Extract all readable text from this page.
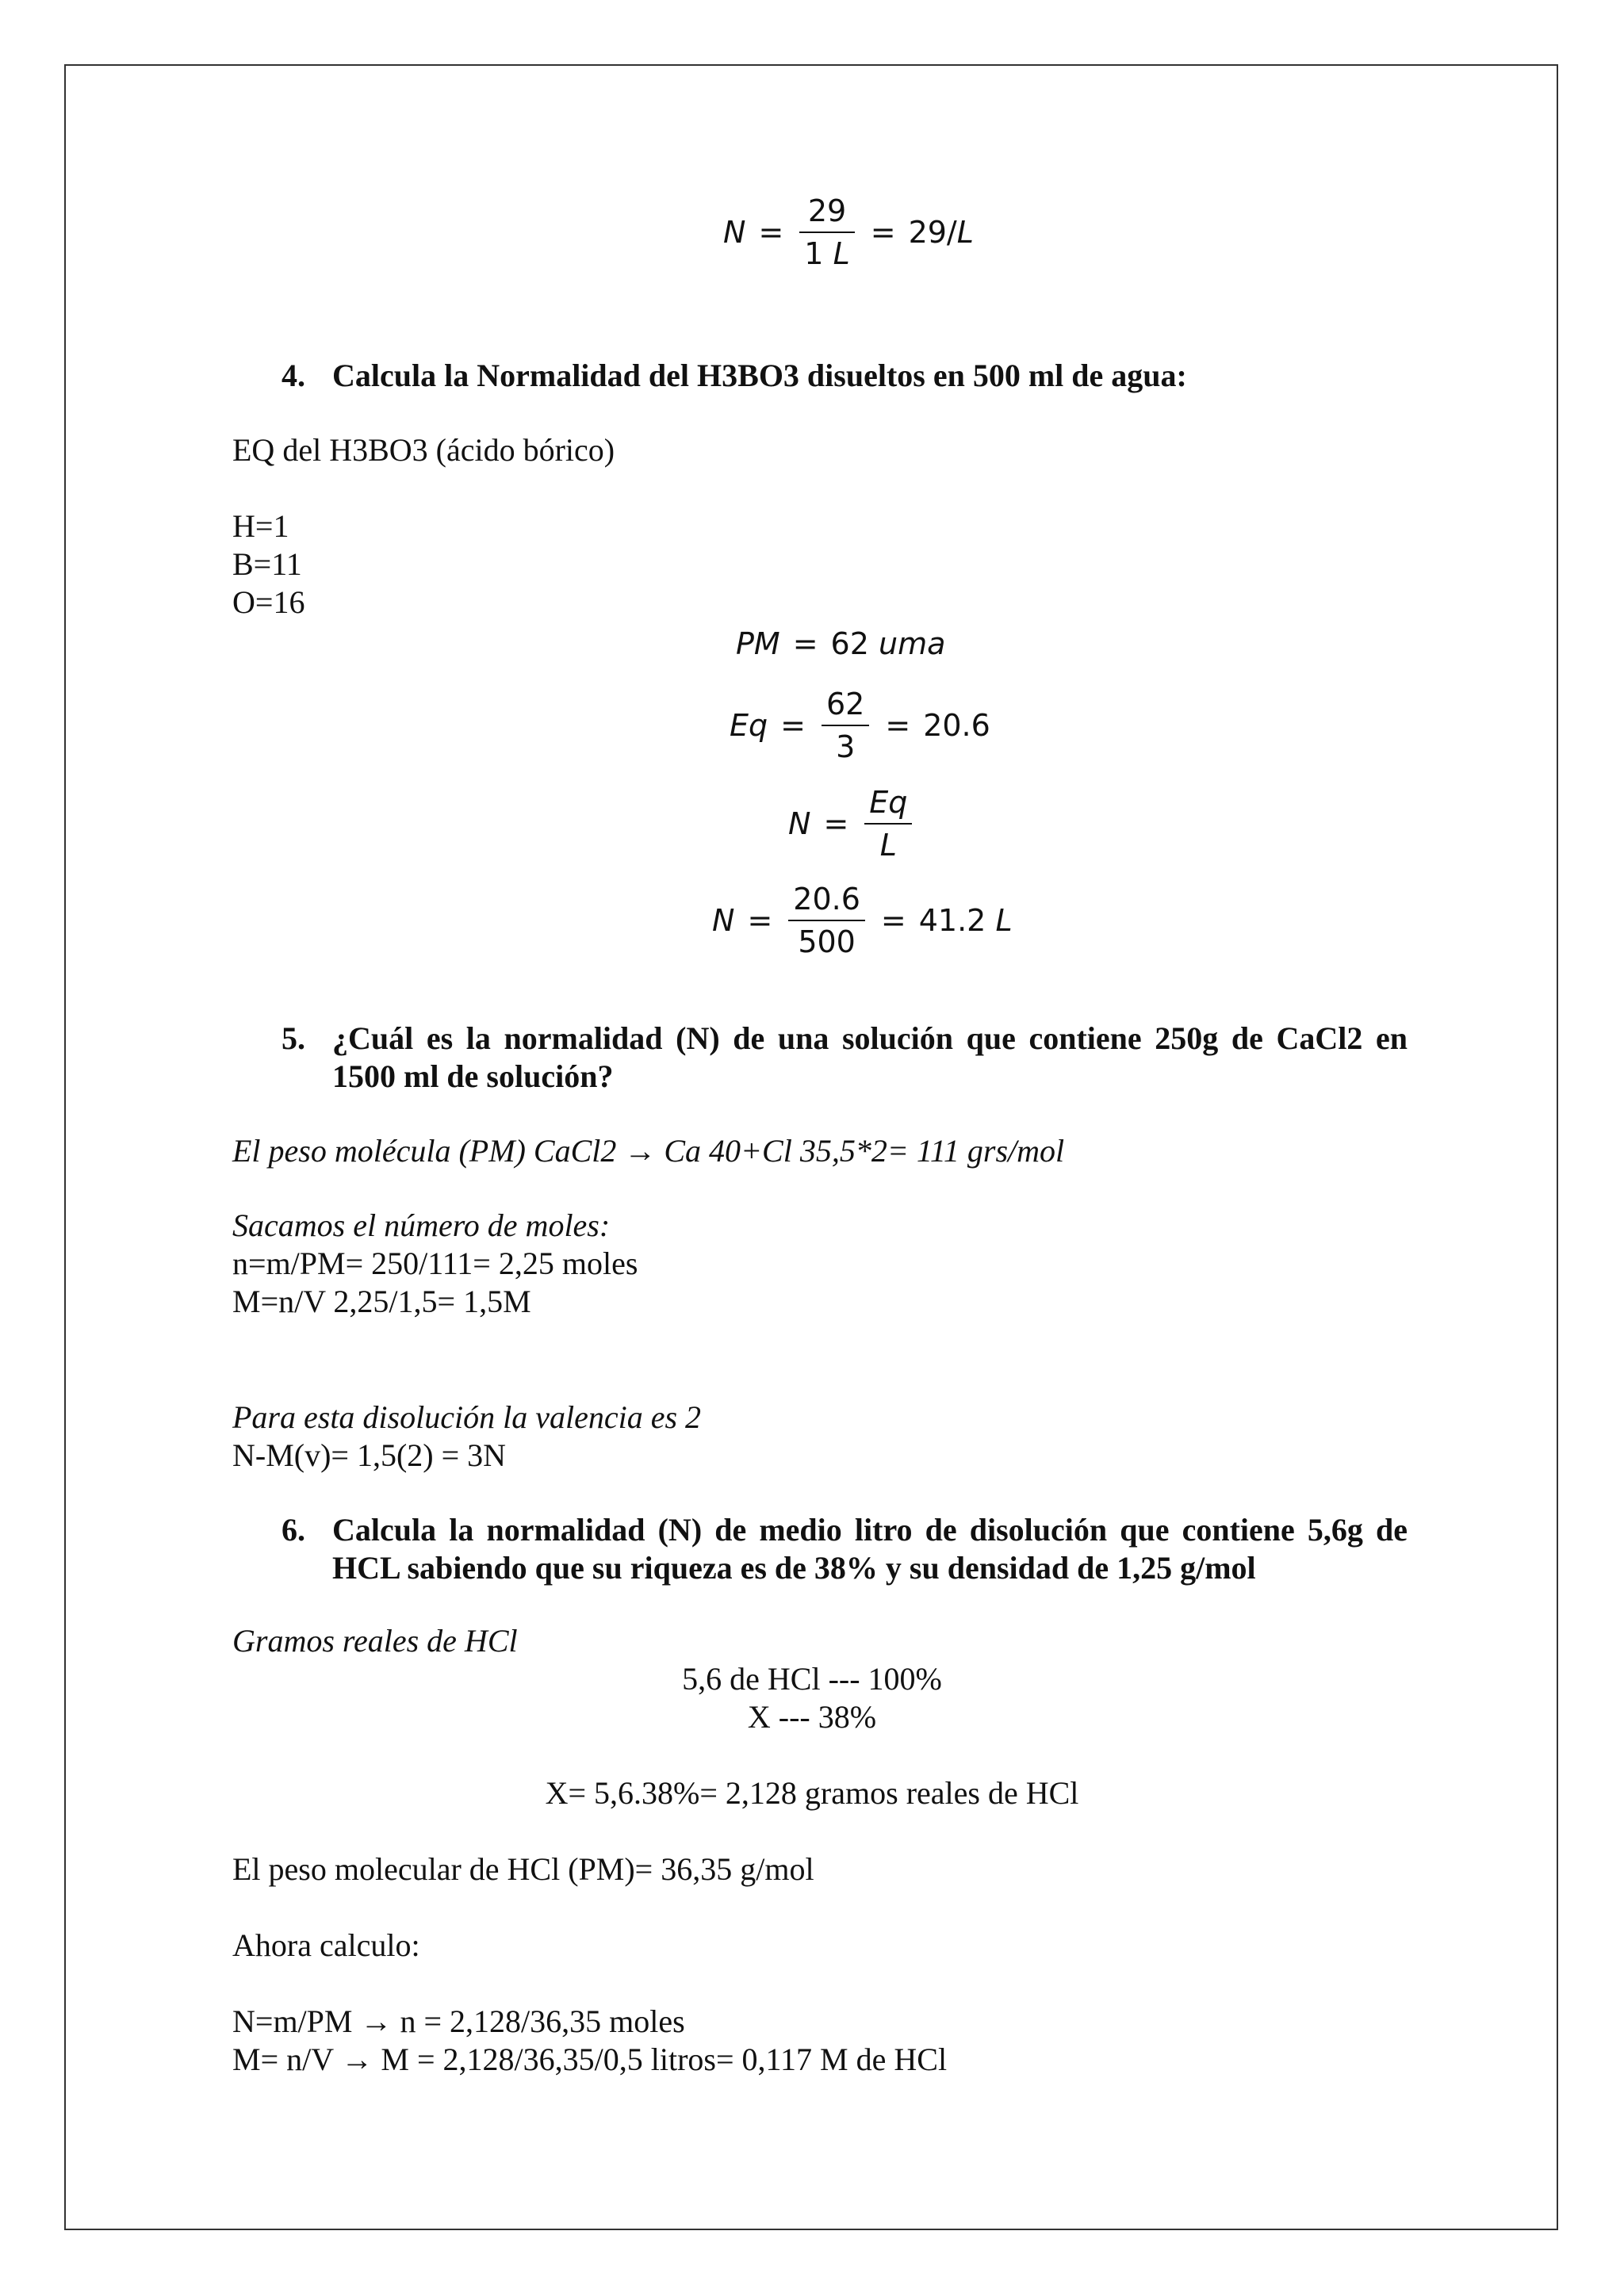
$N = \frac{29}{1 L} = 29/$ L
4. Calcula la Normalidad del H3BO3 disueltos en 500 ml de agua:
EQ del H3BO3 (ácido bórico)
H=1
B=11
O=16
PM = 62
uma
$Eq = \frac{62}{3} = 20.6$
$N = \frac{Eq}{L}$
$N = \frac{20.6}{500} = 41.2$
L
5. ¿Cuál es la normalidad (N) de una solución que contiene 250g de CaCl2 en 1500 ml de solución?
El peso molécula (PM) CaCl2 → Ca 40+Cl 35,5*2= 111 grs/mol
Sacamos el número de moles:
n=m/PM= 250/111= 2,25 moles
M=n/V 2,25/1,5= 1,5M
Para esta disolución la valencia es 2
N-M(v)= 1,5(2) = 3N
6. Calcula la normalidad (N) de medio litro de disolución que contiene 5,6g de HCL sabiendo que su riqueza es de 38% y su densidad de 1,25 g/mol
Gramos reales de HCl
5,6 de HCl --- 100%
X --- 38%
X= 5,6.38%= 2,128 gramos reales de HCl
El peso molecular de HCl (PM)= 36,35 g/mol
Ahora calculo:
N=m/PM → n = 2,128/36,35 moles
M= n/V → M = 2,128/36,35/0,5 litros= 0,117 M de HCl
